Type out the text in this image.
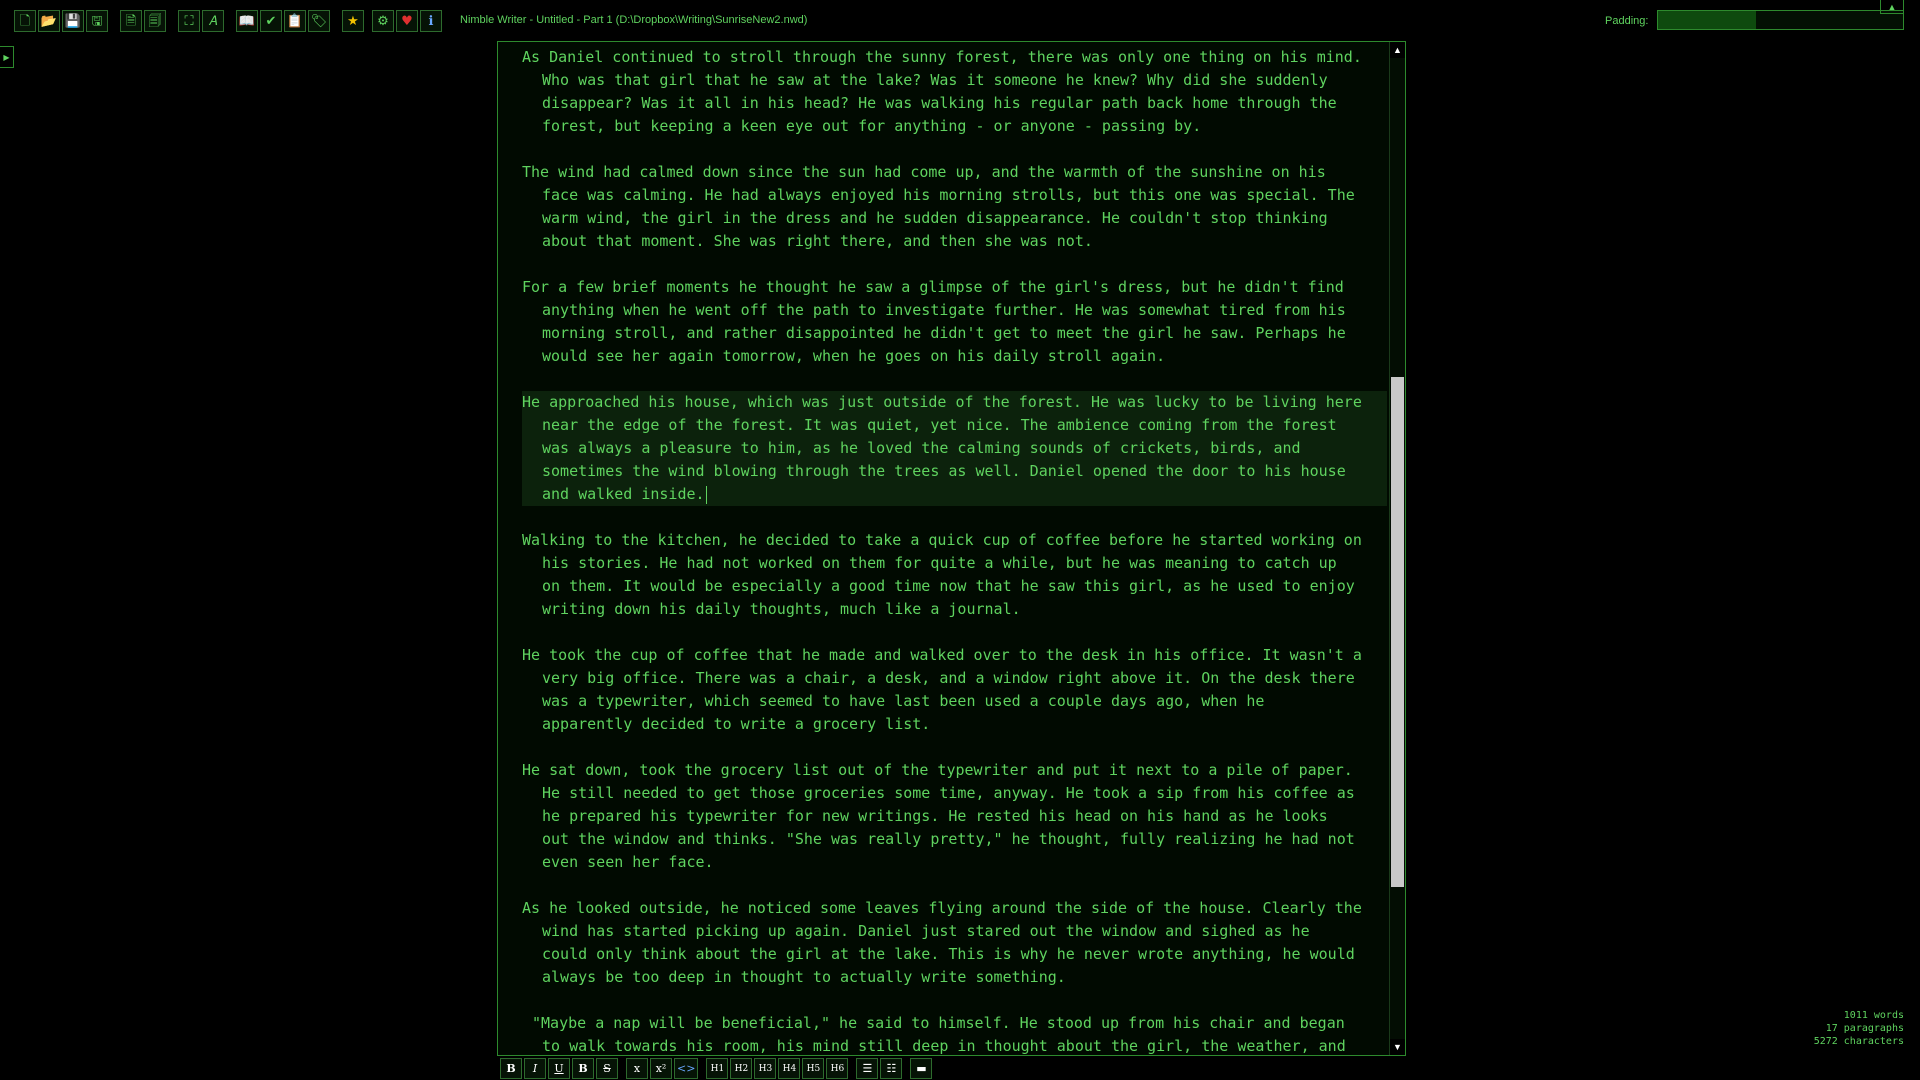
🗋 📂 💾 🖫 🗎 🗐 ⛶ 𝐴 📖 ✔ 📋 🏷 ★ ⚙ ♥ ℹ Nimble Writer - Untitled - Part 1 (D:\Dropbox\Writing\SunriseNew2.nwd)	Padding:
▲
▶	As Daniel continued to stroll through the sunny forest, there was only one thing on his mind. Who was that girl that he saw at the lake? Was it someone he knew? Why did she suddenly disappear? Was it all in his head? He was walking his regular path back home through the forest, but keeping a keen eye out for anything - or anyone - passing by.
The wind had calmed down since the sun had come up, and the warmth of the sunshine on his face was calming. He had always enjoyed his morning strolls, but this one was special. The warm wind, the girl in the dress and he sudden disappearance. He couldn't stop thinking about that moment. She was right there, and then she was not.
For a few brief moments he thought he saw a glimpse of the girl's dress, but he didn't find anything when he went off the path to investigate further. He was somewhat tired from his morning stroll, and rather disappointed he didn't get to meet the girl he saw. Perhaps he would see her again tomorrow, when he goes on his daily stroll again.
He approached his house, which was just outside of the forest. He was lucky to be living here near the edge of the forest. It was quiet, yet nice. The ambience coming from the forest was always a pleasure to him, as he loved the calming sounds of crickets, birds, and sometimes the wind blowing through the trees as well. Daniel opened the door to his house and walked inside.
Walking to the kitchen, he decided to take a quick cup of coffee before he started working on his stories. He had not worked on them for quite a while, but he was meaning to catch up on them. It would be especially a good time now that he saw this girl, as he used to enjoy writing down his daily thoughts, much like a journal.
He took the cup of coffee that he made and walked over to the desk in his office. It wasn't a very big office. There was a chair, a desk, and a window right above it. On the desk there was a typewriter, which seemed to have last been used a couple days ago, when he apparently decided to write a grocery list.
He sat down, took the grocery list out of the typewriter and put it next to a pile of paper. He still needed to get those groceries some time, anyway. He took a sip from his coffee as he prepared his typewriter for new writings. He rested his head on his hand as he looks out the window and thinks. "She was really pretty," he thought, fully realizing he had not even seen her face.
As he looked outside, he noticed some leaves flying around the side of the house. Clearly the wind has started picking up again. Daniel just stared out the window and sighed as he could only think about the girl at the lake. This is why he never wrote anything, he would always be too deep in thought to actually write something.
"Maybe a nap will be beneficial," he said to himself. He stood up from his chair and began to walk towards his room, his mind still deep in thought about the girl, the weather, and
▲
▼
B	I	U	B	S	x	x² <>	H1	H2	H3	H4	H5	H6	☰	☷	▬
1011 words
17 paragraphs
5272 characters
